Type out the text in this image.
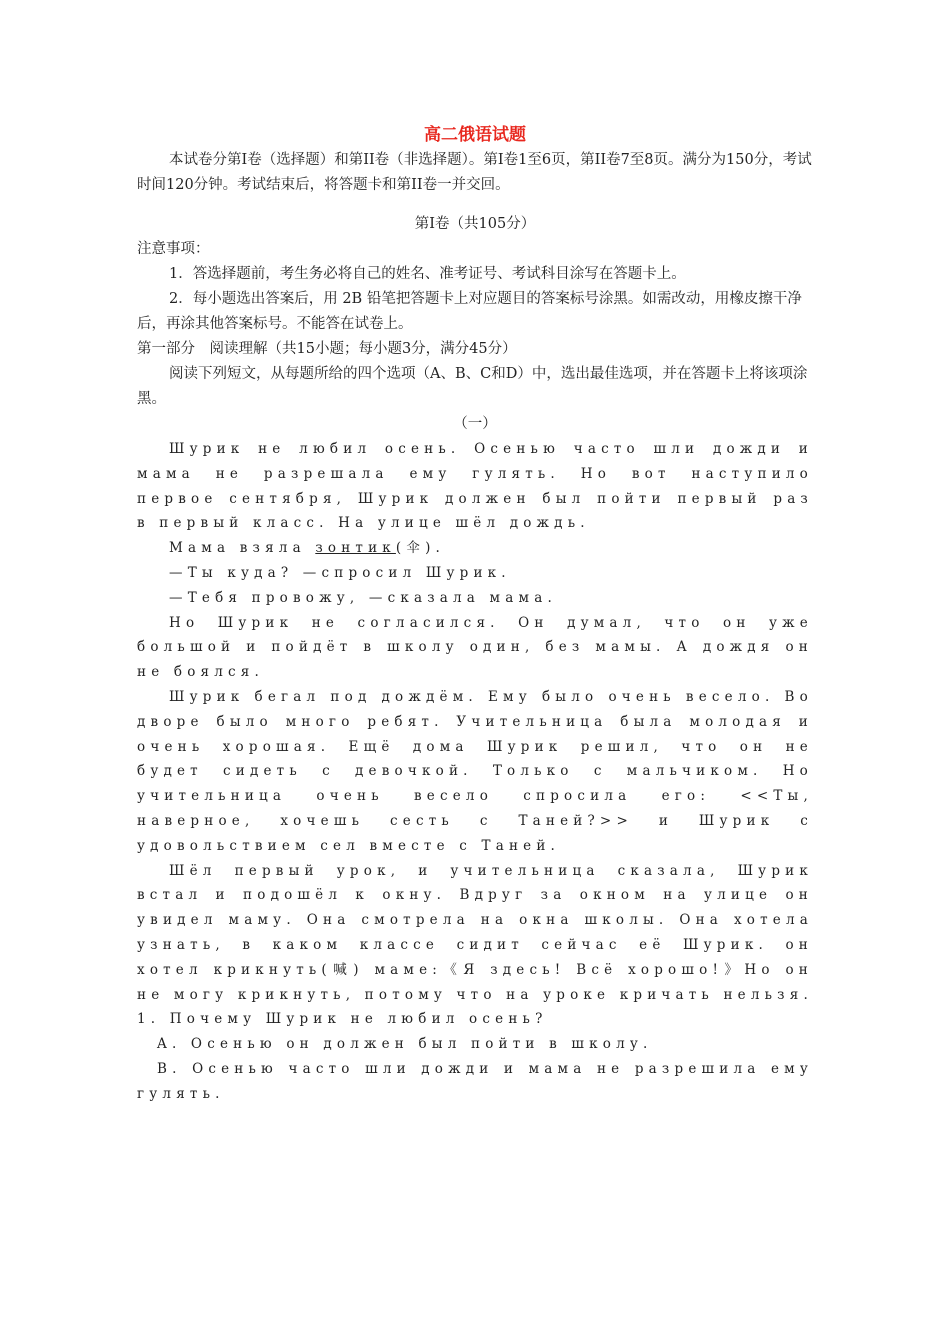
高二俄语试题

本试卷分第I卷（选择题）和第II卷（非选择题）。第I卷1至6页，第II卷7至8页。满分为150分，考试时间120分钟。考试结束后，将答题卡和第II卷一并交回。

第I卷（共105分）

注意事项：

1．答选择题前，考生务必将自己的姓名、准考证号、考试科目涂写在答题卡上。

2．每小题选出答案后，用 2B 铅笔把答题卡上对应题目的答案标号涂黑。如需改动，用橡皮擦干净后，再涂其他答案标号。不能答在试卷上。

第一部分　阅读理解（共15小题；每小题3分，满分45分）

阅读下列短文，从每题所给的四个选项（A、B、C和D）中，选出最佳选项，并在答题卡上将该项涂黑。

（一）

Шурик не любил осень. Осенью часто шли дожди и мама не разрешала ему гулять. Но вот наступило первое сентября, Шурик должен был пойти первый раз в первый класс. На улице шёл дождь.

Мама взяла зонтик(伞).

—Ты куда? —спросил Шурик.

—Тебя провожу, —сказала мама.

Но Шурик не согласился. Он думал, что он уже большой и пойдёт в школу один, без мамы. А дождя он не боялся.

Шурик бегал под дождём. Ему было очень весело. Во дворе было много ребят. Учительница была молодая и очень хорошая. Ещё дома Шурик решил, что он не будет сидеть с девочкой. Только с мальчиком. Но учительница очень весело спросила его: <<Ты, наверное, хочешь сесть с Таней?>> и Шурик с удовольствием сел вместе с Таней.

Шёл первый урок, и учительница сказала, Шурик встал и подошёл к окну. Вдруг за окном на улице он увидел маму. Она смотрела на окна школы. Она хотела узнать, в каком классе сидит сейчас её Шурик. он хотел крикнуть(喊) маме:《Я здесь! Всё хорошо!》Но он не могу крикнуть, потому что на уроке кричать нельзя.

1. Почему Шурик не любил осень?

A. Осенью он должен был пойти в школу.

B. Осенью часто шли дожди и мама не разрешила ему гулять.
